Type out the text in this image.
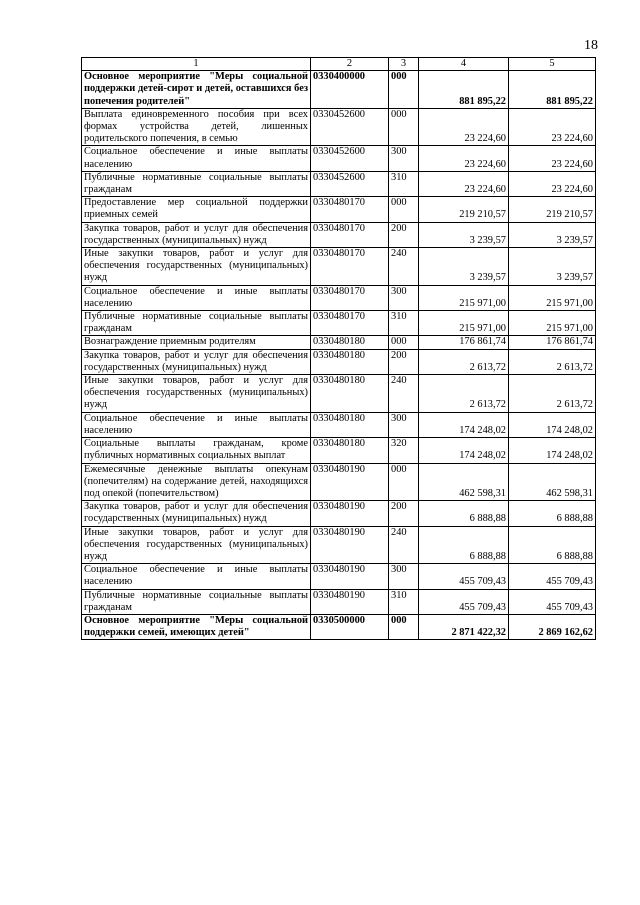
18
1	2	3	4	5
Основное мероприятие "Меры социальной поддержки детей-сирот и детей, оставшихся без попечения родителей"	0330400000	000	881 895,22	881 895,22
Выплата единовременного пособия при всех формах устройства детей, лишенных родительского попечения, в семью	0330452600	000	23 224,60	23 224,60
Социальное обеспечение и иные выплаты населению	0330452600	300	23 224,60	23 224,60
Публичные нормативные социальные выплаты гражданам	0330452600	310	23 224,60	23 224,60
Предоставление мер социальной поддержки приемных семей	0330480170	000	219 210,57	219 210,57
Закупка товаров, работ и услуг для обеспечения государственных (муниципальных) нужд	0330480170	200	3 239,57	3 239,57
Иные закупки товаров, работ и услуг для обеспечения государственных (муниципальных) нужд	0330480170	240	3 239,57	3 239,57
Социальное обеспечение и иные выплаты населению	0330480170	300	215 971,00	215 971,00
Публичные нормативные социальные выплаты гражданам	0330480170	310	215 971,00	215 971,00
Вознаграждение приемным родителям	0330480180	000	176 861,74	176 861,74
Закупка товаров, работ и услуг для обеспечения государственных (муниципальных) нужд	0330480180	200	2 613,72	2 613,72
Иные закупки товаров, работ и услуг для обеспечения государственных (муниципальных) нужд	0330480180	240	2 613,72	2 613,72
Социальное обеспечение и иные выплаты населению	0330480180	300	174 248,02	174 248,02
Социальные выплаты гражданам, кроме публичных нормативных социальных выплат	0330480180	320	174 248,02	174 248,02
Ежемесячные денежные выплаты опекунам (попечителям) на содержание детей, находящихся под опекой (попечительством)	0330480190	000	462 598,31	462 598,31
Закупка товаров, работ и услуг для обеспечения государственных (муниципальных) нужд	0330480190	200	6 888,88	6 888,88
Иные закупки товаров, работ и услуг для обеспечения государственных (муниципальных) нужд	0330480190	240	6 888,88	6 888,88
Социальное обеспечение и иные выплаты населению	0330480190	300	455 709,43	455 709,43
Публичные нормативные социальные выплаты гражданам	0330480190	310	455 709,43	455 709,43
Основное мероприятие "Меры социальной поддержки семей, имеющих детей"	0330500000	000	2 871 422,32	2 869 162,62
